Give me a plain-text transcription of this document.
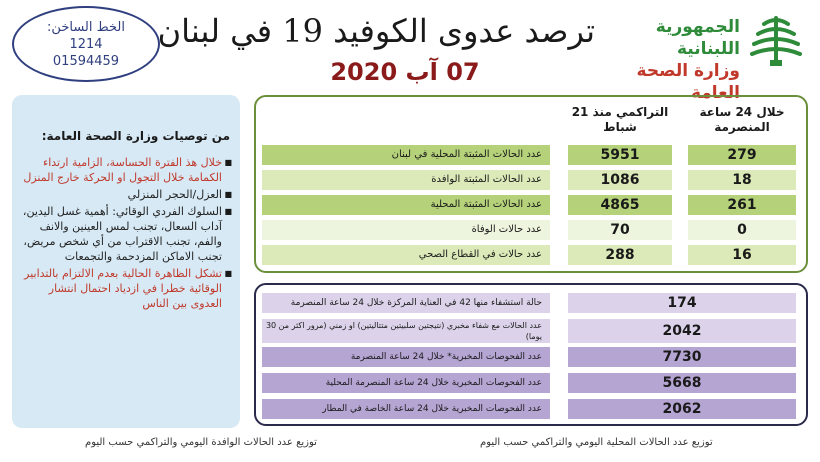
الخط الساخن:
1214
01594459
ترصد عدوى الكوفيد 19 في لبنان
07 آب 2020
الجمهورية اللبنانية
وزارة الصحة العامة
من توصيات وزارة الصحة العامة:
■ خلال هذ الفترة الحساسة، الزامية ارتداء الكمامة خلال التجول او الحركة خارج المنزل
■ العزل/الحجر المنزلي
■ السلوك الفردي الوقائي: أهمية غسل اليدين، آداب السعال، تجنب لمس العينين والانف والفم، تجنب الاقتراب من أي شخص مريض، تجنب الاماكن المزدحمة والتجمعات
■ تشكل الظاهرة الحالية بعدم الالتزام بالتدابير الوقائية خطرا في ازدياد احتمال انتشار العدوى بين الناس
خلال 24 ساعة المنصرمة
التراكمي منذ 21 شباط
عدد الحالات المثبتة المحلية في لبنان	5951	279
عدد الحالات المثبتة الوافدة	1086	18
عدد الحالات المثبتة المحلية	4865	261
عدد حالات الوفاة	70	0
عدد حالات في القطاع الصحي	288	16
حالة استشفاء منها 42 في العناية المركزة خلال 24 ساعة المنصرمة	174
عدد الحالات مع شفاء مخبري (نتيجتين سلبيتين متتاليتين) او زمني (مرور اكثر من 30 يوما)	2042
عدد الفحوصات المخبرية* خلال 24 ساعة المنصرمة	7730
عدد الفحوصات المخبرية خلال 24 ساعة المنصرمة المحلية	5668
عدد الفحوصات المخبرية خلال 24 ساعة الخاصة في المطار	2062
توزيع عدد الحالات الوافدة اليومي والتراكمي حسب اليوم	توزيع عدد الحالات المحلية اليومي والتراكمي حسب اليوم
